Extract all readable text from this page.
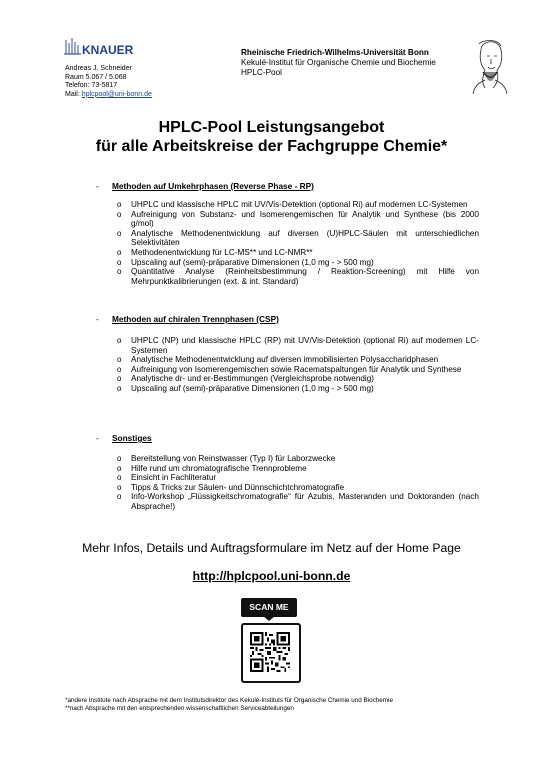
KNAUER
Andreas J. Schneider
Raum 5.067 / 5.068
Telefon: 73-5817
Mail: hplcpool@uni-bonn.de
Rheinische Friedrich-Wilhelms-Universität Bonn
Kekulé-Institut für Organische Chemie und Biochemie
HPLC-Pool
HPLC-Pool Leistungsangebot
für alle Arbeitskreise der Fachgruppe Chemie*
- Methoden auf Umkehrphasen (Reverse Phase - RP)
o UHPLC und klassische HPLC mit UV/Vis-Detektion (optional Ri) auf modernen LC-Systemen
o Aufreinigung von Substanz- und Isomerengemischen für Analytik und Synthese (bis 2000 g/mol)
o Analytische Methodenentwicklung auf diversen (U)HPLC-Säulen mit unterschiedlichen Selektivitäten
o Methodenentwicklung für LC-MS** und LC-NMR**
o Upscaling auf (semi)-präparative Dimensionen (1,0 mg - > 500 mg)
o Quantitative Analyse (Reinheitsbestimmung / Reaktion-Screening) mit Hilfe von Mehrpunktkalibrierungen (ext. & int. Standard)
- Methoden auf chiralen Trennphasen (CSP)
o UHPLC (NP) und klassische HPLC (RP) mit UV/Vis-Detektion (optional Ri) auf modernen LC-Systemen
o Analytische Methodenentwicklung auf diversen immobilisierten Polysaccharidphasen
o Aufreinigung von Isomerengemischen sowie Racematspaltungen für Analytik und Synthese
o Analytische dr- und er-Bestimmungen (Vergleichsprobe notwendig)
o Upscaling auf (semi)-präparative Dimensionen (1,0 mg - > 500 mg)
- Sonstiges
o Bereitstellung von Reinstwasser (Typ I) für Laborzwecke
o Hilfe rund um chromatografische Trennprobleme
o Einsicht in Fachliteratur
o Tipps & Tricks zur Säulen- und Dünnschichtchromatografie
o Info-Workshop „Flüssigkeitschromatografie“ für Azubis, Masteranden und Doktoranden (nach Absprache!)
Mehr Infos, Details und Auftragsformulare im Netz auf der Home Page
http://hplcpool.uni-bonn.de
SCAN ME
*andere Institute nach Absprache mit dem Institutsdirektor des Kekulé-Instituts für Organische Chemie und Biochemie
**nach Absprache mit den entsprechenden wissenschaftlichen Serviceabteilungen
